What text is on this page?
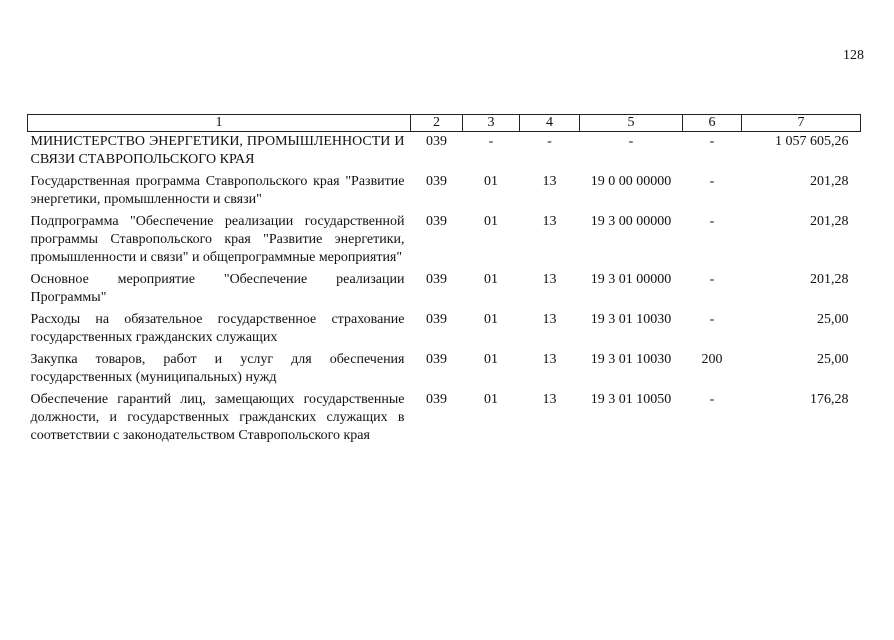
128
1	2	3	4	5	6	7
МИНИСТЕРСТВО ЭНЕРГЕТИКИ, ПРОМЫШЛЕННОСТИ И СВЯЗИ СТАВРОПОЛЬСКОГО КРАЯ	039	-	-	-	-	1 057 605,26
Государственная программа Ставропольского края "Развитие энергетики, промышленности и связи"	039	01	13	19 0 00 00000	-	201,28
Подпрограмма "Обеспечение реализации государственной программы Ставропольского края "Развитие энергетики, промышленности и связи" и общепрограммные мероприятия"	039	01	13	19 3 00 00000	-	201,28
Основное мероприятие "Обеспечение реализации Программы"	039	01	13	19 3 01 00000	-	201,28
Расходы на обязательное государственное страхование государственных гражданских служащих	039	01	13	19 3 01 10030	-	25,00
Закупка товаров, работ и услуг для обеспечения государственных (муниципальных) нужд	039	01	13	19 3 01 10030	200	25,00
Обеспечение гарантий лиц, замещающих государственные должности, и государственных гражданских служащих в соответствии с законодательством Ставропольского края	039	01	13	19 3 01 10050	-	176,28
